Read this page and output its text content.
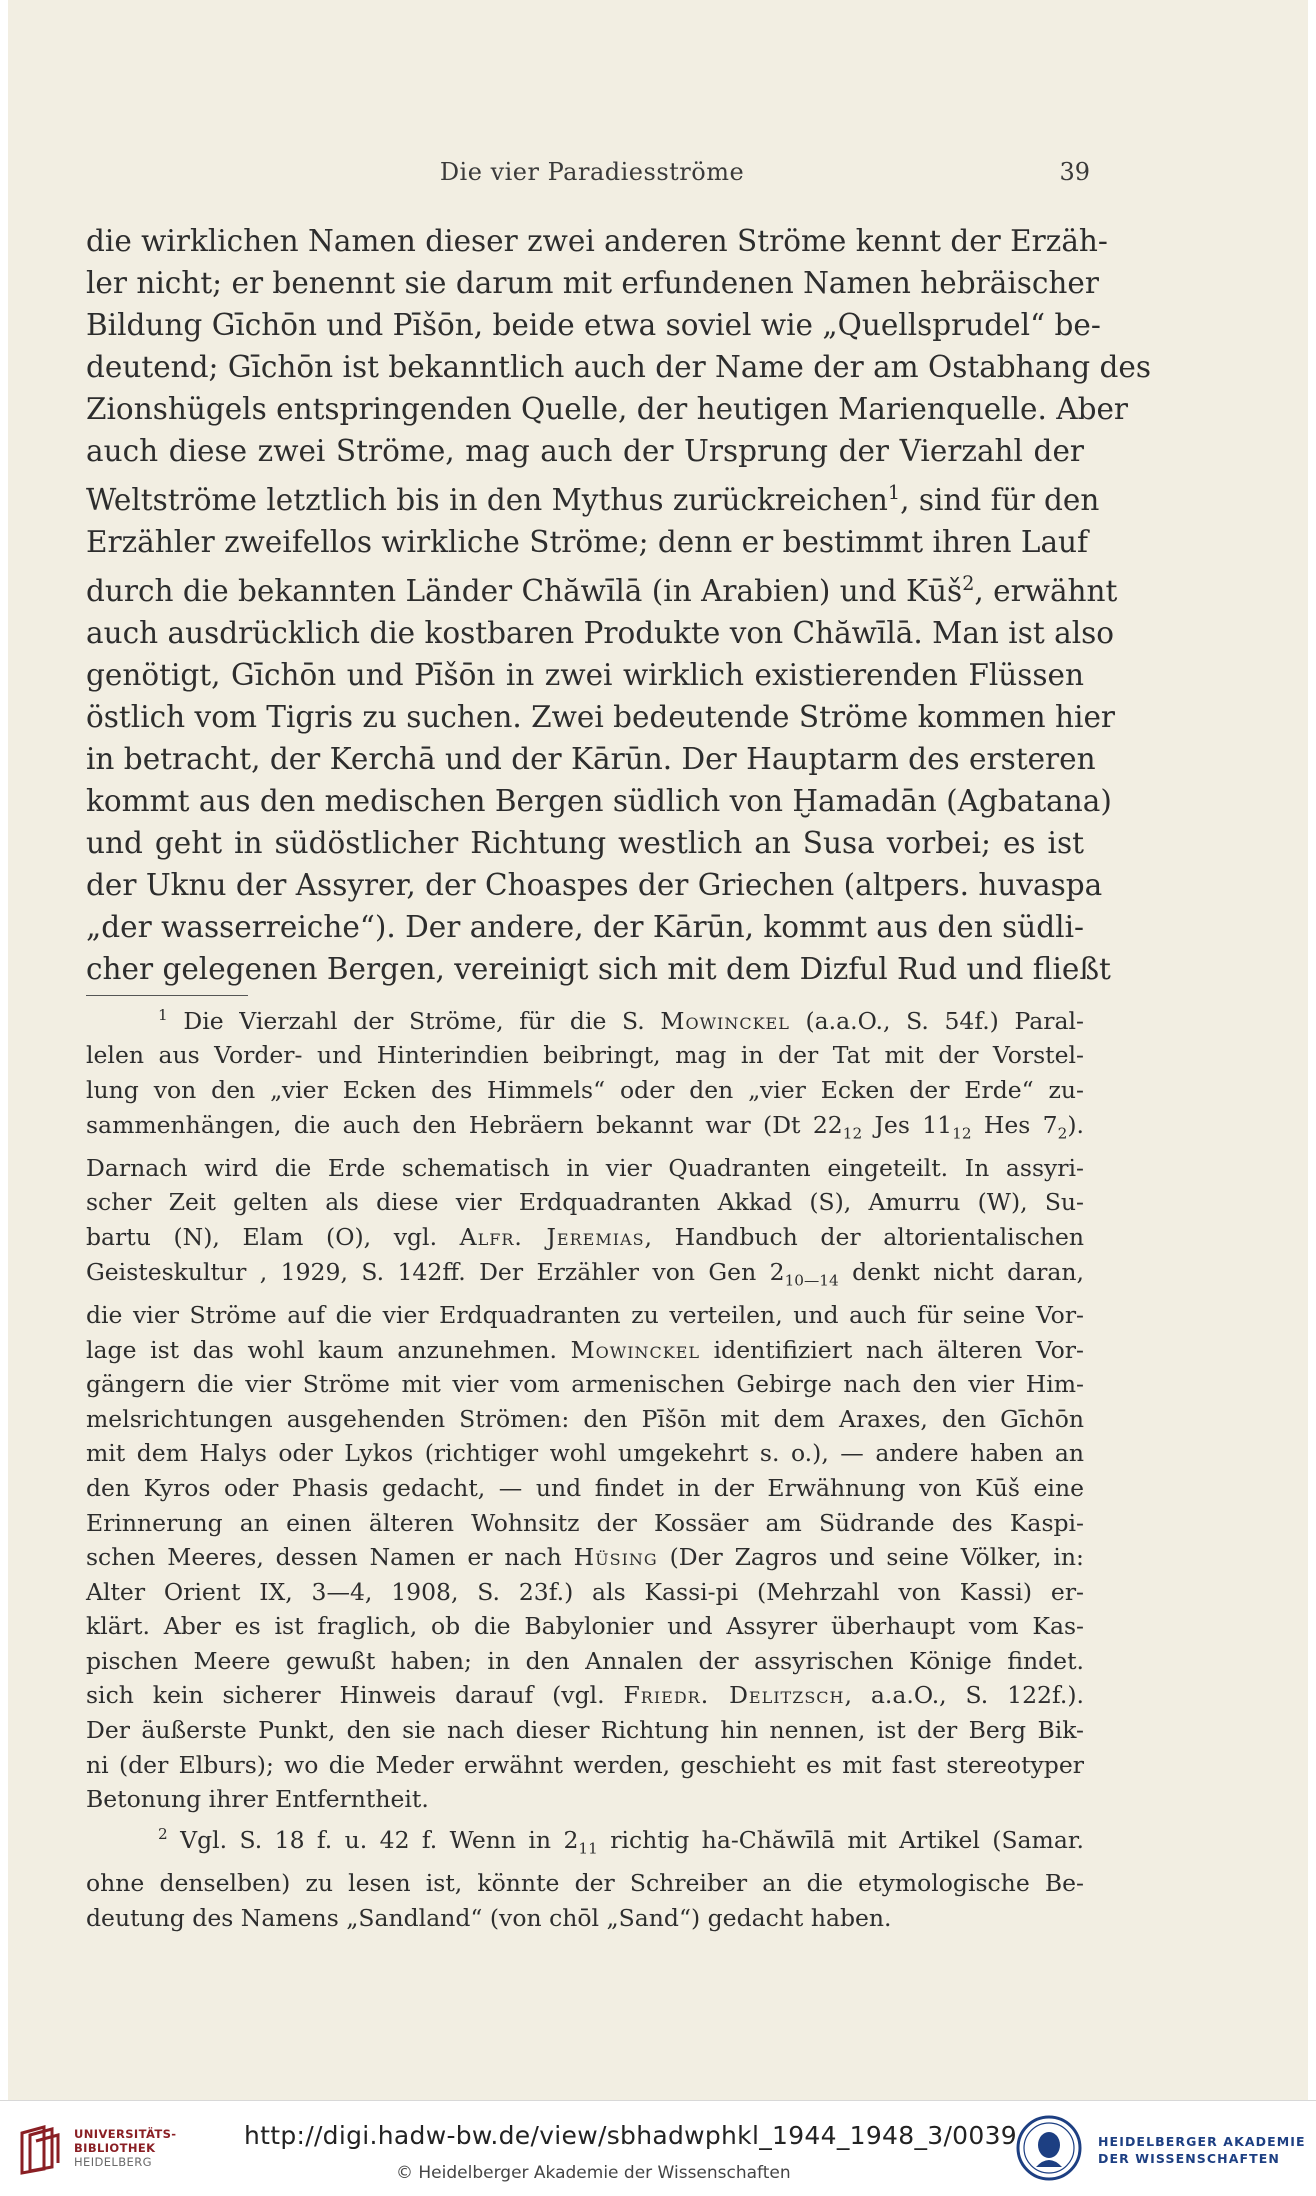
Die vier Paradiesströme	39
die wirklichen Namen dieser zwei anderen Ströme kennt der Erzäh-
ler nicht; er benennt sie darum mit erfundenen Namen hebräischer
Bildung Gīchōn und Pīšōn, beide etwa soviel wie „Quellsprudel“ be-
deutend; Gīchōn ist bekanntlich auch der Name der am Ostabhang des
Zionshügels entspringenden Quelle, der heutigen Marienquelle. Aber
auch diese zwei Ströme, mag auch der Ursprung der Vierzahl der
Weltströme letztlich bis in den Mythus zurückreichen$^1$, sind für den
Erzähler zweifellos wirkliche Ströme; denn er bestimmt ihren Lauf
durch die bekannten Länder Chăwīlā (in Arabien) und Kūš$^2$, erwähnt
auch ausdrücklich die kostbaren Produkte von Chăwīlā. Man ist also
genötigt, Gīchōn und Pīšōn in zwei wirklich existierenden Flüssen
östlich vom Tigris zu suchen. Zwei bedeutende Ströme kommen hier
in betracht, der Kerchā und der Kārūn. Der Hauptarm des ersteren
kommt aus den medischen Bergen südlich von Ḫamadān (Agbatana)
und geht in südöstlicher Richtung westlich an Susa vorbei; es ist
der Uknu der Assyrer, der Choaspes der Griechen (altpers. huvaspa
„der wasserreiche“). Der andere, der Kārūn, kommt aus den südli-
cher gelegenen Bergen, vereinigt sich mit dem Dizful Rud und fließt
$^1$ Die Vierzahl der Ströme, für die S. Mowinckel (a.a.O., S. 54f.) Paral-
lelen aus Vorder- und Hinterindien beibringt, mag in der Tat mit der Vorstel-
lung von den „vier Ecken des Himmels“ oder den „vier Ecken der Erde“ zu-
sammenhängen, die auch den Hebräern bekannt war (Dt $22_{12}$ Jes $11_{12}$ Hes $7_2$).
Darnach wird die Erde schematisch in vier Quadranten eingeteilt. In assyri-
scher Zeit gelten als diese vier Erdquadranten Akkad (S), Amurru (W), Su-
bartu (N), Elam (O), vgl. Alfr. Jeremias, Handbuch der altorientalischen
Geisteskultur , 1929, S. 142ff. Der Erzähler von Gen $2_{10—14}$ denkt nicht daran,
die vier Ströme auf die vier Erdquadranten zu verteilen, und auch für seine Vor-
lage ist das wohl kaum anzunehmen. Mowinckel identifiziert nach älteren Vor-
gängern die vier Ströme mit vier vom armenischen Gebirge nach den vier Him-
melsrichtungen ausgehenden Strömen: den Pīšōn mit dem Araxes, den Gīchōn
mit dem Halys oder Lykos (richtiger wohl umgekehrt s. o.), — andere haben an
den Kyros oder Phasis gedacht, — und findet in der Erwähnung von Kūš eine
Erinnerung an einen älteren Wohnsitz der Kossäer am Südrande des Kaspi-
schen Meeres, dessen Namen er nach Hüsing (Der Zagros und seine Völker, in:
Alter Orient IX, 3—4, 1908, S. 23f.) als Kassi-pi (Mehrzahl von Kassi) er-
klärt. Aber es ist fraglich, ob die Babylonier und Assyrer überhaupt vom Kas-
pischen Meere gewußt haben; in den Annalen der assyrischen Könige findet.
sich kein sicherer Hinweis darauf (vgl. Friedr. Delitzsch, a.a.O., S. 122f.).
Der äußerste Punkt, den sie nach dieser Richtung hin nennen, ist der Berg Bik-
ni (der Elburs); wo die Meder erwähnt werden, geschieht es mit fast stereotyper
Betonung ihrer Entferntheit.
$^2$ Vgl. S. 18 f. u. 42 f. Wenn in $2_{11}$ richtig ha-Chăwīlā mit Artikel (Samar.
ohne denselben) zu lesen ist, könnte der Schreiber an die etymologische Be-
deutung des Namens „Sandland“ (von chōl „Sand“) gedacht haben.
UNIVERSITÄTS-
BIBLIOTHEK
HEIDELBERG
http://digi.hadw-bw.de/view/sbhadwphkl_1944_1948_3/0039
© Heidelberger Akademie der Wissenschaften
HEIDELBERGER AKADEMIE
DER WISSENSCHAFTEN
